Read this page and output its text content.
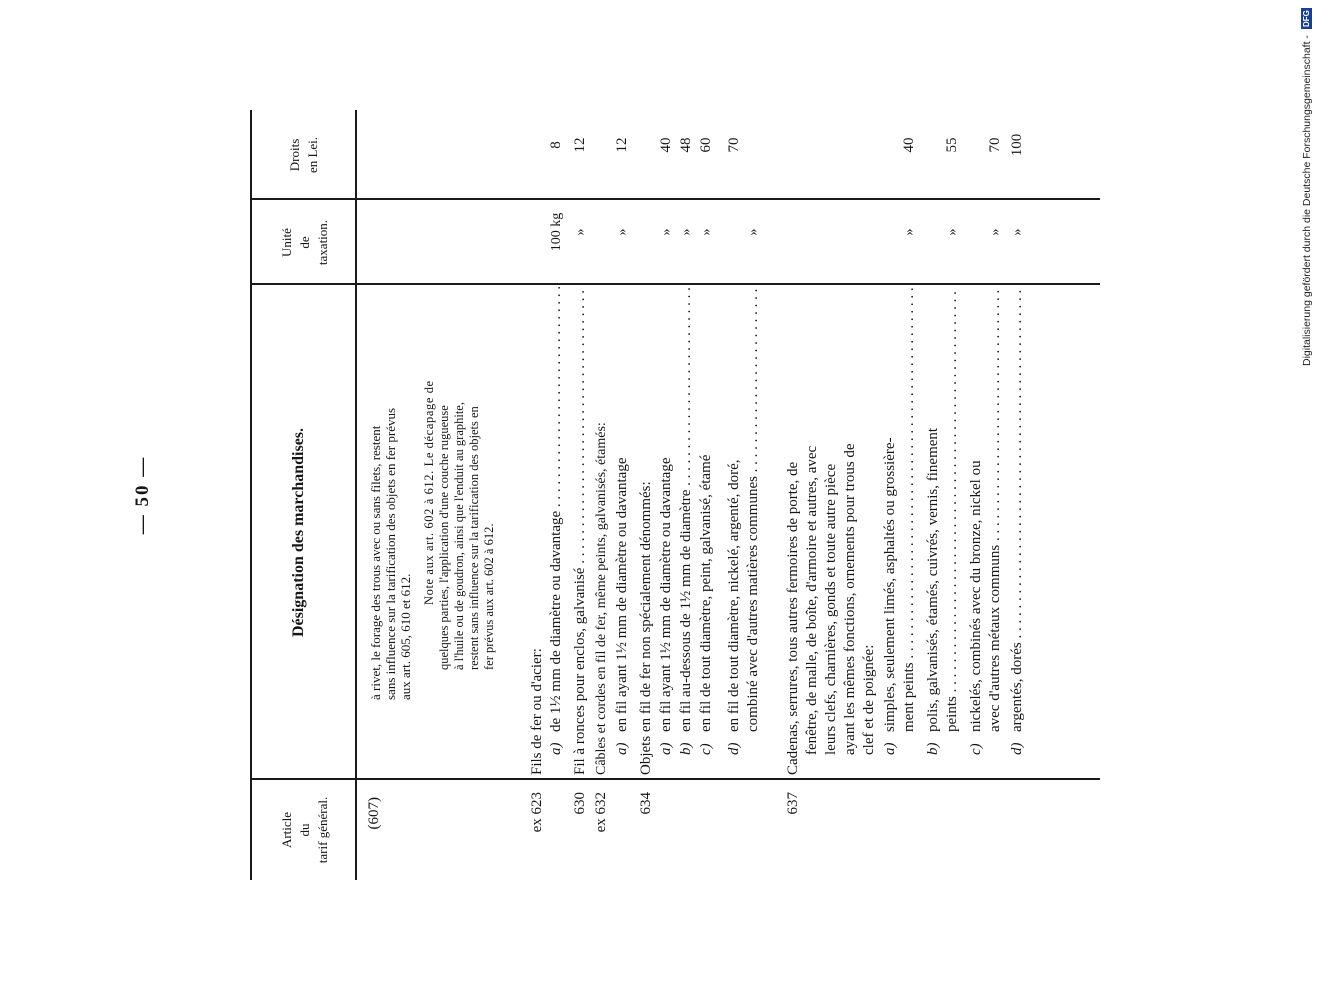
— 50 —
Article
du
tarif général.
Désignation des marchandises.
Unité
de
taxation.
Droits
en Lei.
(607)
à rivet, le forage des trous avec ou sans filets, restent sans influence sur la tarification des objets en fer prévus aux art. 605, 610 et 612.
Note aux art. 602 à 612. Le décapage de quelques parties, l'application d'une couche rugueuse à l'huile ou de goudron, ainsi que l'enduit au graphite, restent sans influence sur la tarification des objets en fer prévus aux art. 602 à 612.
ex 623
Fils de fer ou d'acier: a)
de 1½ mm de diamètre ou davantage . . .
100 kg
8
630
Fil à ronces pour enclos, galvanisé . . .
»
12
ex 632
Câbles et cordes en fil de fer, même peints, galvanisés, étamés: a)
en fil ayant 1½ mm de diamètre ou davantage
»
12
634
Objets en fil de fer non spécialement dénommés: a)
en fil ayant 1½ mm de diamètre ou davantage
»
40
b)
en fil au-dessous de 1½ mm de diamètre . . .
»
48
c)
en fil de tout diamètre, peint, galvanisé, étamé
»
60
d)
en fil de tout diamètre, nickelé, argenté, doré, combiné avec d'autres matières communes . . .
»
70
637
Cadenas, serrures, tous autres fermoires de porte, de fenêtre, de malle, de boîte, d'armoire et autres, avec leurs clefs, charnières, gonds et toute autre pièce ayant les mêmes fonctions, ornements pour trous de clef et de poignée: a)
simples, seulement limés, asphaltés ou grossière- ment peints . . .
»
40
b)
polis, galvanisés, étamés, cuivrés, vernis, finement peints . . .
»
55
c)
nickelés, combinés avec du bronze, nickel ou avec d'autres métaux communs . . .
»
70
d)
argentés, dorés . . .
»
100	Digitalisierung gefördert durch die Deutsche Forschungsgemeinschaft - DFG
